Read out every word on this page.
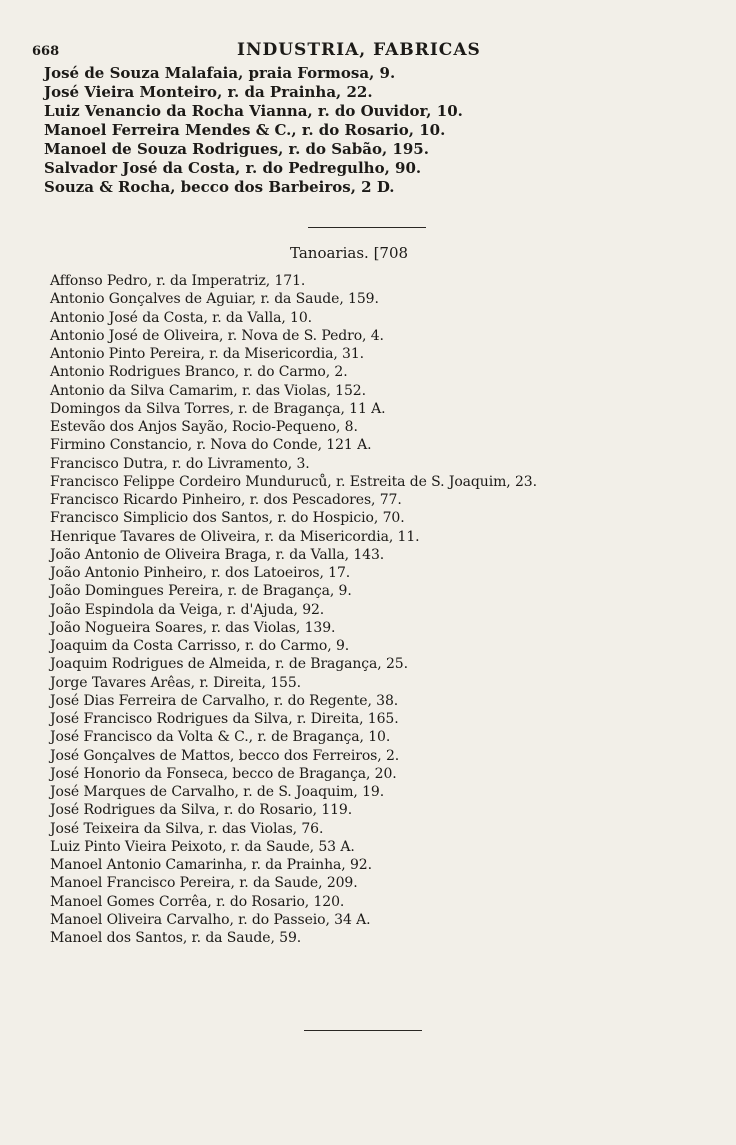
668	INDUSTRIA, FABRICAS
José de Souza Malafaia, praia Formosa, 9.
José Vieira Monteiro, r. da Prainha, 22.
Luiz Venancio da Rocha Vianna, r. do Ouvidor, 10.
Manoel Ferreira Mendes & C., r. do Rosario, 10.
Manoel de Souza Rodrigues, r. do Sabão, 195.
Salvador José da Costa, r. do Pedregulho, 90.
Souza & Rocha, becco dos Barbeiros, 2 D.
Tanoarias. [708
Affonso Pedro, r. da Imperatriz, 171.
Antonio Gonçalves de Aguiar, r. da Saude, 159.
Antonio José da Costa, r. da Valla, 10.
Antonio José de Oliveira, r. Nova de S. Pedro, 4.
Antonio Pinto Pereira, r. da Misericordia, 31.
Antonio Rodrigues Branco, r. do Carmo, 2.
Antonio da Silva Camarim, r. das Violas, 152.
Domingos da Silva Torres, r. de Bragança, 11 A.
Estevão dos Anjos Sayão, Rocio-Pequeno, 8.
Firmino Constancio, r. Nova do Conde, 121 A.
Francisco Dutra, r. do Livramento, 3.
Francisco Felippe Cordeiro Munduruců, r. Estreita de S. Joaquim, 23.
Francisco Ricardo Pinheiro, r. dos Pescadores, 77.
Francisco Simplicio dos Santos, r. do Hospicio, 70.
Henrique Tavares de Oliveira, r. da Misericordia, 11.
João Antonio de Oliveira Braga, r. da Valla, 143.
João Antonio Pinheiro, r. dos Latoeiros, 17.
João Domingues Pereira, r. de Bragança, 9.
João Espindola da Veiga, r. d'Ajuda, 92.
João Nogueira Soares, r. das Violas, 139.
Joaquim da Costa Carrisso, r. do Carmo, 9.
Joaquim Rodrigues de Almeida, r. de Bragança, 25.
Jorge Tavares Arêas, r. Direita, 155.
José Dias Ferreira de Carvalho, r. do Regente, 38.
José Francisco Rodrigues da Silva, r. Direita, 165.
José Francisco da Volta & C., r. de Bragança, 10.
José Gonçalves de Mattos, becco dos Ferreiros, 2.
José Honorio da Fonseca, becco de Bragança, 20.
José Marques de Carvalho, r. de S. Joaquim, 19.
José Rodrigues da Silva, r. do Rosario, 119.
José Teixeira da Silva, r. das Violas, 76.
Luiz Pinto Vieira Peixoto, r. da Saude, 53 A.
Manoel Antonio Camarinha, r. da Prainha, 92.
Manoel Francisco Pereira, r. da Saude, 209.
Manoel Gomes Corrêa, r. do Rosario, 120.
Manoel Oliveira Carvalho, r. do Passeio, 34 A.
Manoel dos Santos, r. da Saude, 59.
